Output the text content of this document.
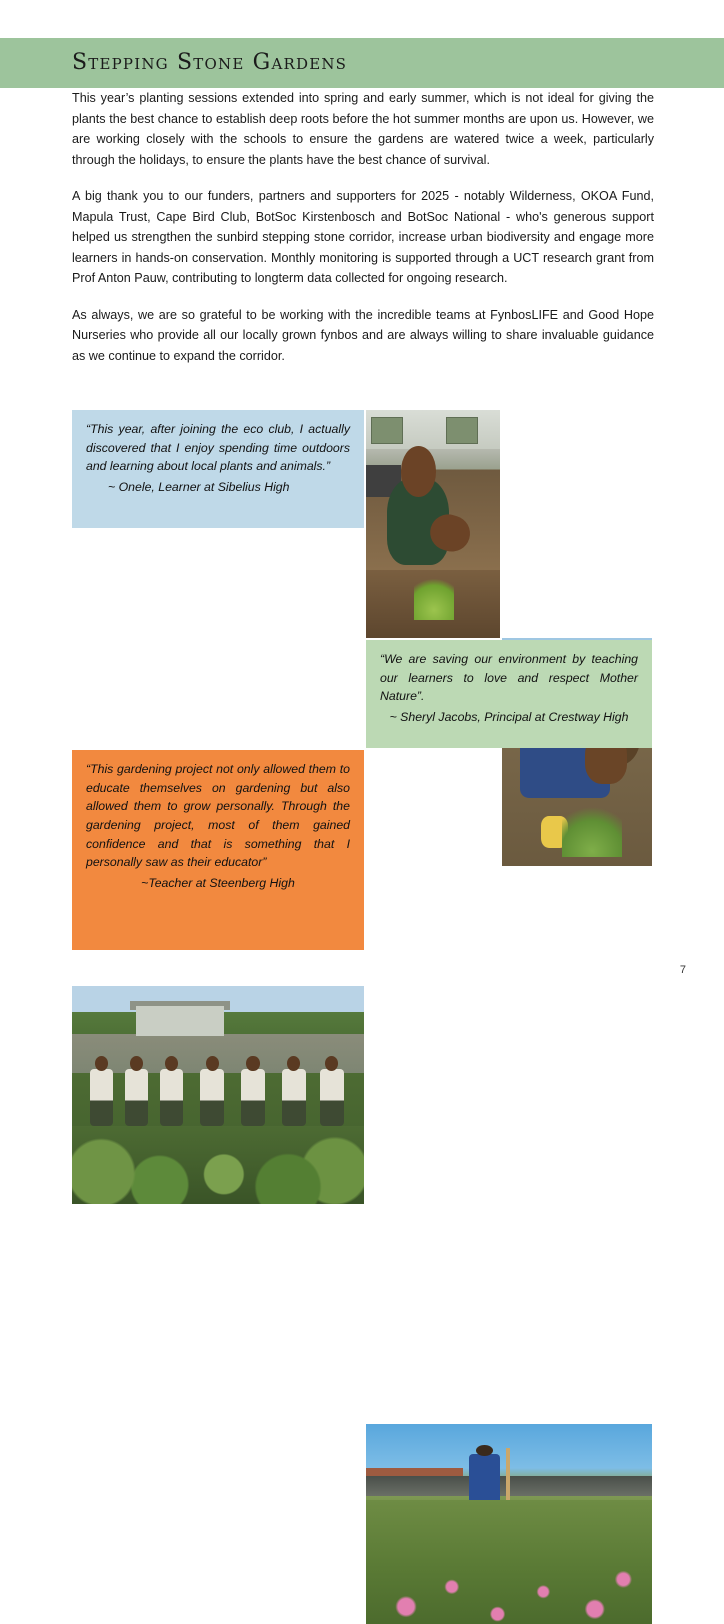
Stepping Stone Gardens

This year’s planting sessions extended into spring and early summer, which is not ideal for giving the plants the best chance to establish deep roots before the hot summer months are upon us. However, we are working closely with the schools to ensure the gardens are watered twice a week, particularly through the holidays, to ensure the plants have the best chance of survival.

A big thank you to our funders, partners and supporters for 2025 - notably Wilderness, OKOA Fund, Mapula Trust, Cape Bird Club, BotSoc Kirstenbosch and BotSoc National - who's generous support helped us strengthen the sunbird stepping stone corridor, increase urban biodiversity and engage more learners in hands-on conservation. Monthly monitoring is supported through a UCT research grant from Prof Anton Pauw, contributing to longterm data collected for ongoing research.

As always, we are so grateful to be working with the incredible teams at FynbosLIFE and Good Hope Nurseries who provide all our locally grown fynbos and are always willing to share invaluable guidance as we continue to expand the corridor.

“This year, after joining the eco club, I actually discovered that I enjoy spending time outdoors and learning about local plants and animals.”

~ Onele, Learner at Sibelius High

“We are saving our environment by teaching our learners to love and respect Mother Nature”.

~ Sheryl Jacobs, Principal at Crestway High

“This gardening project not only allowed them to educate themselves on gardening but also allowed them to grow personally. Through the gardening project, most of them gained confidence and that is something that I personally saw as their educator”

~Teacher at Steenberg High

7
